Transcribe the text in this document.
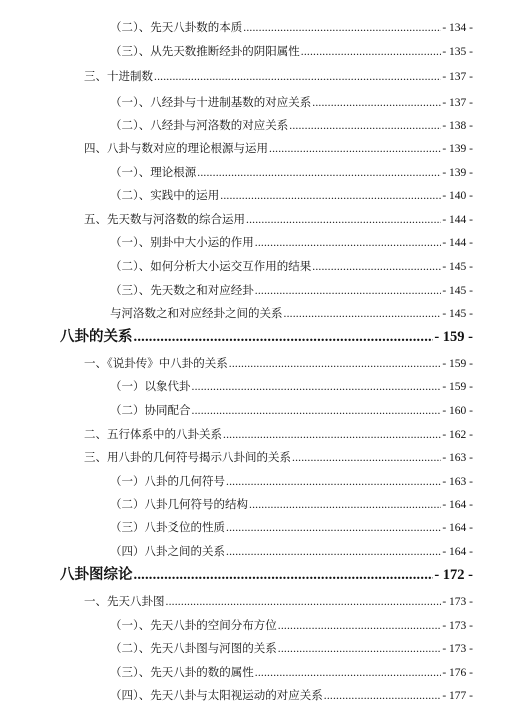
（二）、先天八卦数的本质 .....	- 134 -
（三）、从先天数推断经卦的阴阳属性 .....	- 135 -
三、十进制数 .....	- 137 -
（一）、八经卦与十进制基数的对应关系 .....	- 137 -
（二）、八经卦与河洛数的对应关系 .....	- 138 -
四、八卦与数对应的理论根源与运用 .....	- 139 -
（一）、理论根源 .....	- 139 -
（二）、实践中的运用 .....	- 140 -
五、先天数与河洛数的综合运用 .....	- 144 -
（一）、别卦中大小运的作用 .....	- 144 -
（二）、如何分析大小运交互作用的结果 .....	- 145 -
（三）、先天数之和对应经卦 .....	- 145 -
与河洛数之和对应经卦之间的关系 .....	- 145 -
八卦的关系 .....	- 159 -
一、《说卦传》中八卦的关系 .....	- 159 -
（一）以象代卦 .....	- 159 -
（二）协同配合 .....	- 160 -
二、五行体系中的八卦关系 .....	- 162 -
三、用八卦的几何符号揭示八卦间的关系 .....	- 163 -
（一）八卦的几何符号 .....	- 163 -
（二）八卦几何符号的结构 .....	- 164 -
（三）八卦爻位的性质 .....	- 164 -
（四）八卦之间的关系 .....	- 164 -
八卦图综论 .....	- 172 -
一、先天八卦图 .....	- 173 -
（一）、先天八卦的空间分布方位 .....	- 173 -
（二）、先天八卦图与河图的关系 .....	- 173 -
（三）、先天八卦的数的属性 .....	- 176 -
（四）、先天八卦与太阳视运动的对应关系 .....	- 177 -
